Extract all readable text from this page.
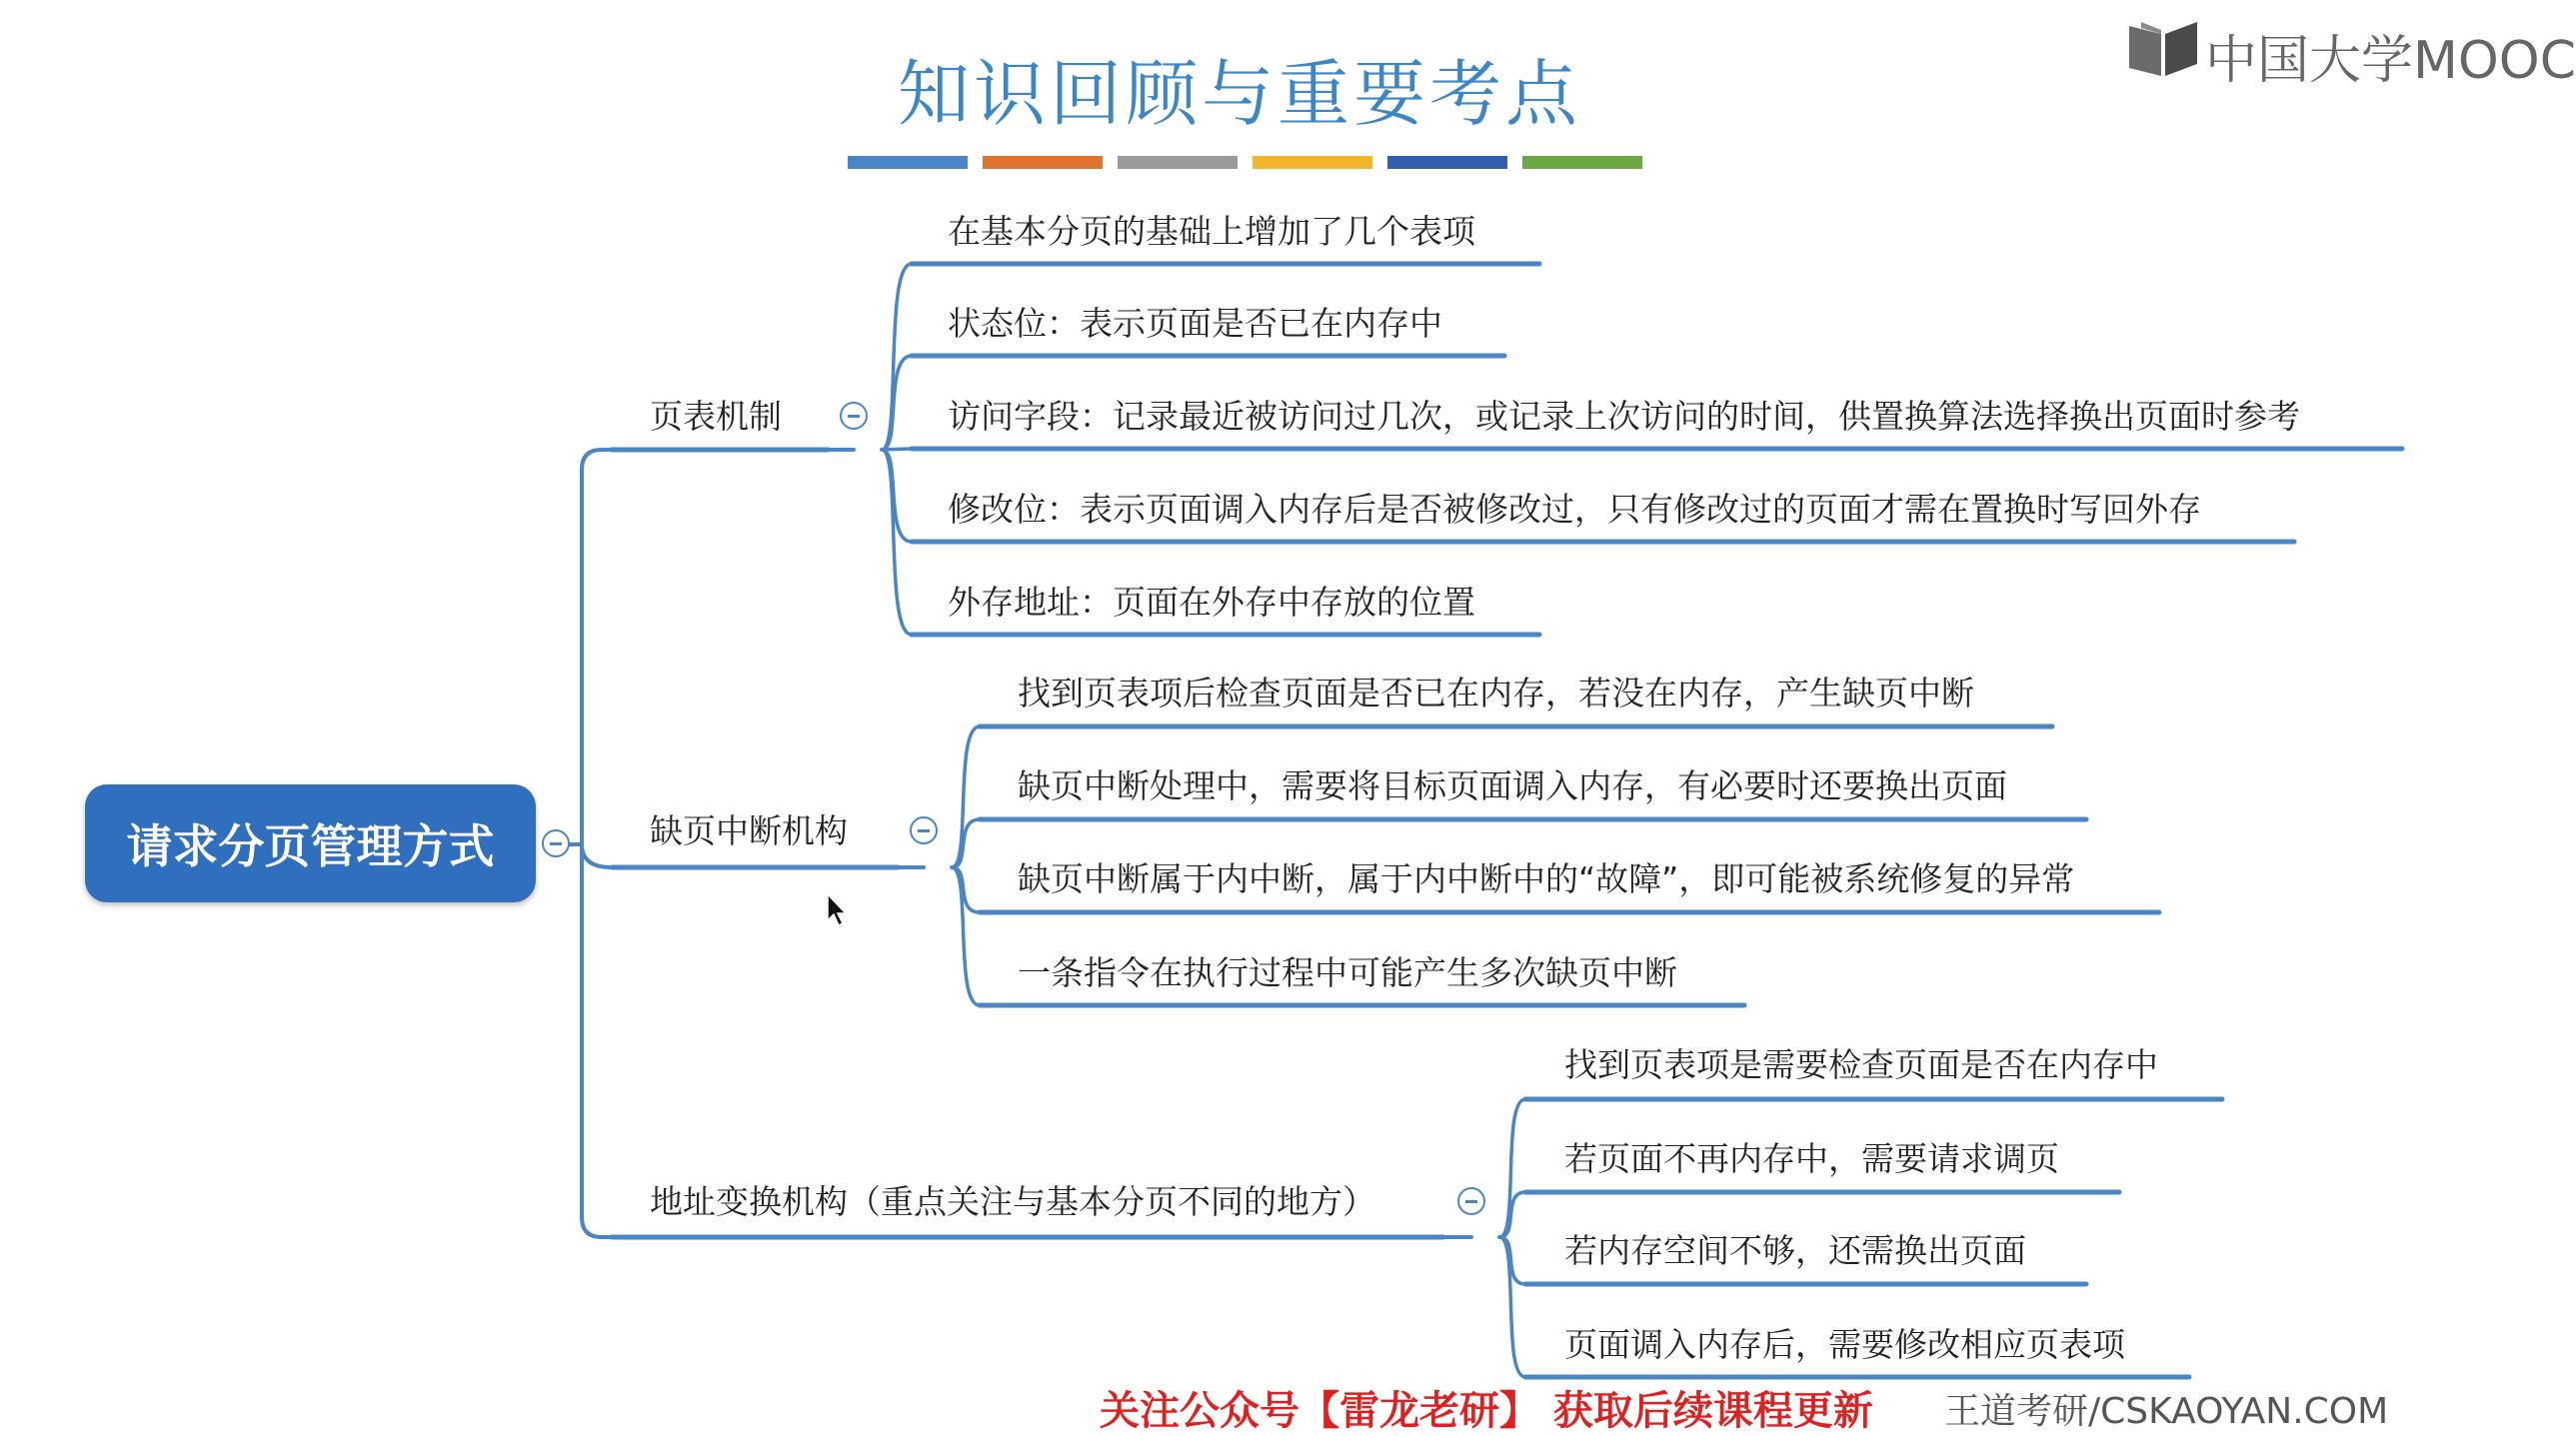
知识回顾与重要考点	中国大学MOOC
请求分页管理方式
页表机制
在基本分页的基础上增加了几个表项
状态位：表示页面是否已在内存中
访问字段：记录最近被访问过几次，或记录上次访问的时间，供置换算法选择换出页面时参考
修改位：表示页面调入内存后是否被修改过，只有修改过的页面才需在置换时写回外存
外存地址：页面在外存中存放的位置
缺页中断机构
找到页表项后检查页面是否已在内存，若没在内存，产生缺页中断
缺页中断处理中，需要将目标页面调入内存，有必要时还要换出页面
缺页中断属于内中断，属于内中断中的“故障”，即可能被系统修复的异常
一条指令在执行过程中可能产生多次缺页中断
地址变换机构（重点关注与基本分页不同的地方）
找到页表项是需要检查页面是否在内存中
若页面不再内存中，需要请求调页
若内存空间不够，还需换出页面
页面调入内存后，需要修改相应页表项
关注公众号【雷龙老研】 获取后续课程更新 王道考研/CSKAOYAN.COM
